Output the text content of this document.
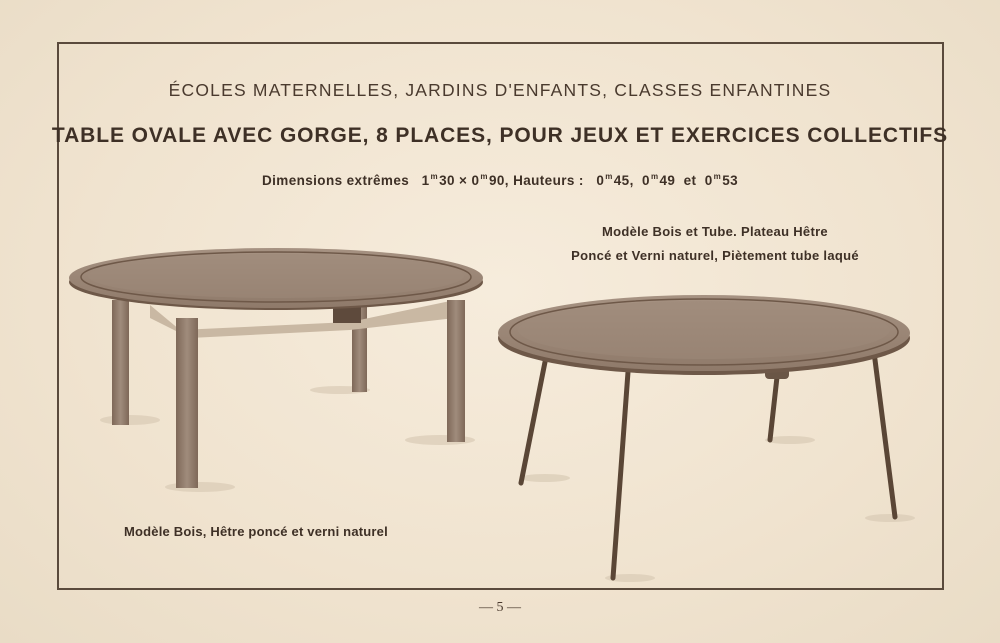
ÉCOLES MATERNELLES, JARDINS D'ENFANTS, CLASSES ENFANTINES
TABLE OVALE AVEC GORGE, 8 PLACES, POUR JEUX ET EXERCICES COLLECTIFS
Dimensions extrêmes 1m30 × 0m90, Hauteurs : 0m45,  0m49 et 0m53
Modèle Bois et Tube. Plateau Hêtre
Poncé et Verni naturel, Piètement tube laqué
Modèle Bois, Hêtre poncé et verni naturel
— 5 —
